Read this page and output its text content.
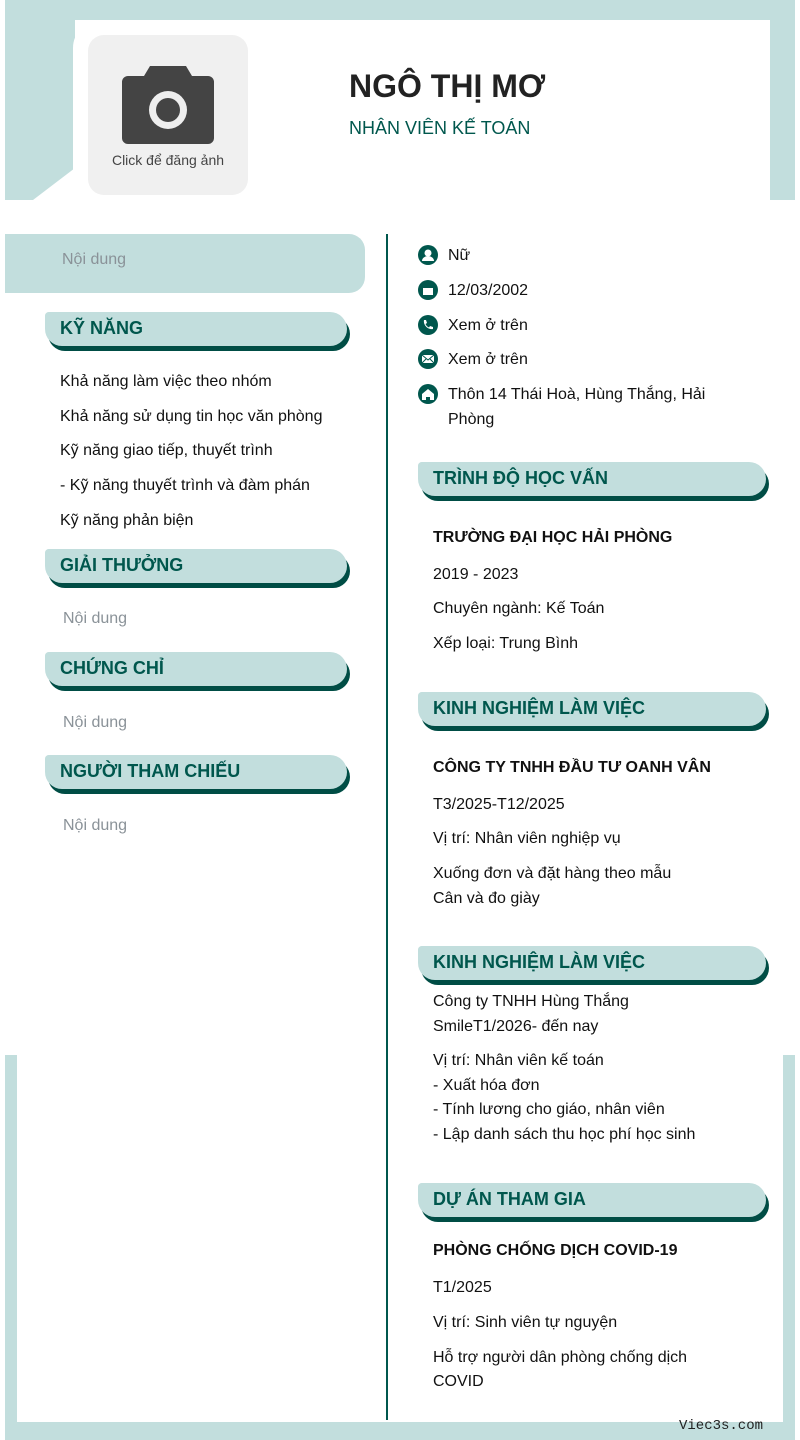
Click để đăng ảnh
NGÔ THỊ MƠ
NHÂN VIÊN KẾ TOÁN
Nội dung
KỸ NĂNG
Khả năng làm việc theo nhóm
Khả năng sử dụng tin học văn phòng
Kỹ năng giao tiếp, thuyết trình
- Kỹ năng thuyết trình và đàm phán
Kỹ năng phản biện
GIẢI THƯỞNG
Nội dung
CHỨNG CHỈ
Nội dung
NGƯỜI THAM CHIẾU
Nội dung
Nữ
12/03/2002
Xem ở trên
Xem ở trên
Thôn 14 Thái Hoà, Hùng Thắng, Hải Phòng
TRÌNH ĐỘ HỌC VẤN
TRƯỜNG ĐẠI HỌC HẢI PHÒNG
2019 - 2023
Chuyên ngành: Kế Toán
Xếp loại: Trung Bình
KINH NGHIỆM LÀM VIỆC
CÔNG TY TNHH ĐẦU TƯ OANH VÂN
T3/2025-T12/2025
Vị trí: Nhân viên nghiệp vụ
Xuống đơn và đặt hàng theo mẫu
Cân và đo giày
KINH NGHIỆM LÀM VIỆC
Công ty TNHH Hùng Thắng
SmileT1/2026- đến nay
Vị trí: Nhân viên kế toán
- Xuất hóa đơn
- Tính lương cho giáo, nhân viên
- Lập danh sách thu học phí học sinh
DỰ ÁN THAM GIA
PHÒNG CHỐNG DỊCH COVID-19
T1/2025
Vị trí: Sinh viên tự nguyện
Hỗ trợ người dân phòng chống dịch COVID
Viec3s.com
